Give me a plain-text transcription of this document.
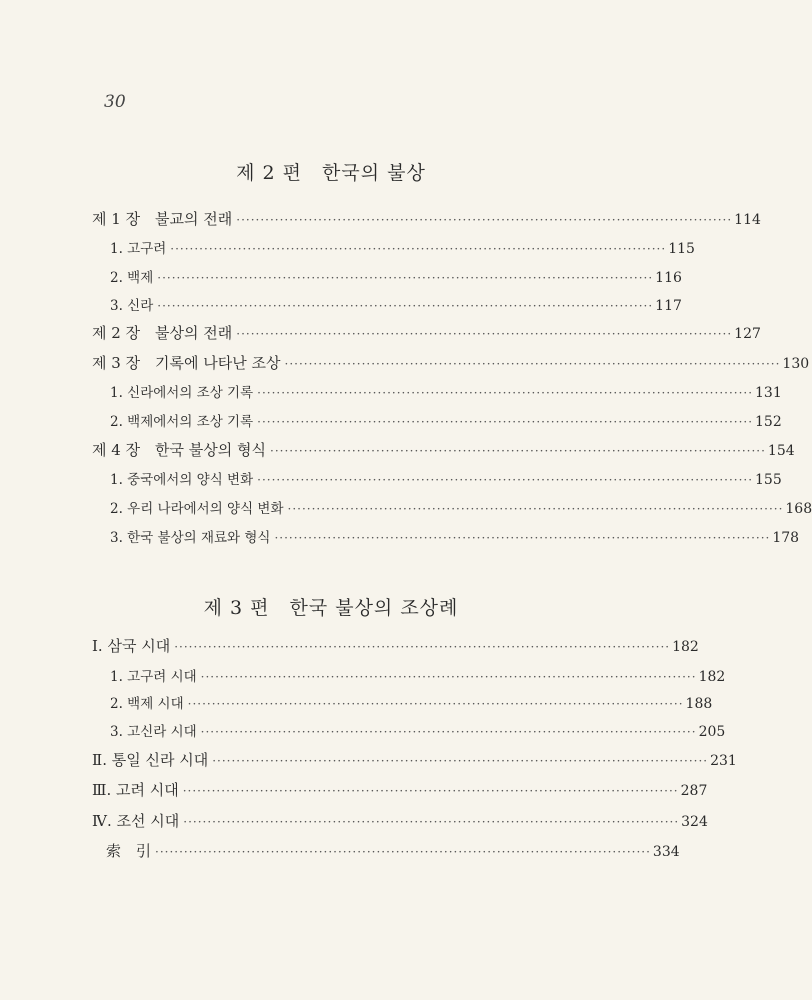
30
제 2 편　한국의 불상
제 1 장　불교의 전래 ······································································································· 114
1. 고구려 ······································································································· 115
2. 백제 ······································································································· 116
3. 신라 ······································································································· 117
제 2 장　불상의 전래 ······································································································· 127
제 3 장　기록에 나타난 조상 ······································································································· 130
1. 신라에서의 조상 기록 ······································································································· 131
2. 백제에서의 조상 기록 ······································································································· 152
제 4 장　한국 불상의 형식 ······································································································· 154
1. 중국에서의 양식 변화 ······································································································· 155
2. 우리 나라에서의 양식 변화 ······································································································· 168
3. 한국 불상의 재료와 형식 ······································································································· 178
제 3 편　한국 불상의 조상례
Ⅰ. 삼국 시대 ······································································································· 182
1. 고구려 시대 ······································································································· 182
2. 백제 시대 ······································································································· 188
3. 고신라 시대 ······································································································· 205
Ⅱ. 통일 신라 시대 ······································································································· 231
Ⅲ. 고려 시대 ······································································································· 287
Ⅳ. 조선 시대 ······································································································· 324
索　引 ······································································································· 334
